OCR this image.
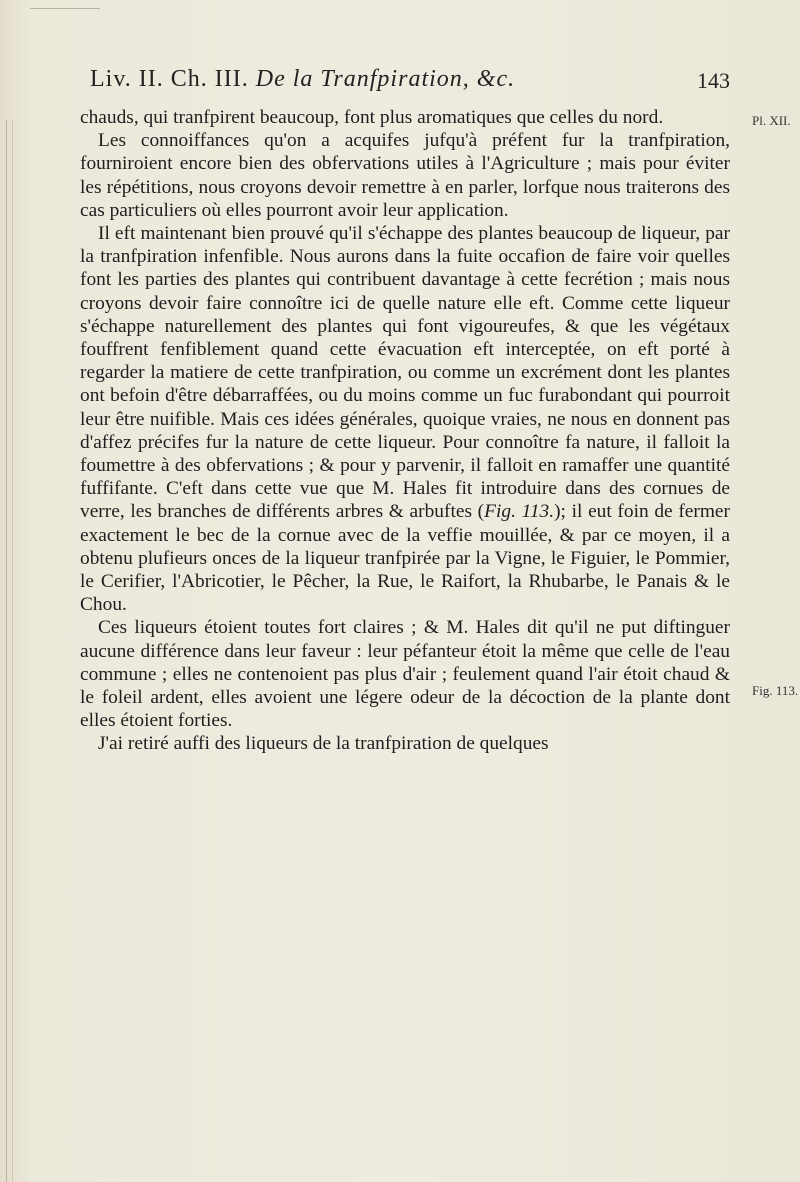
Liv. II. Ch. III. De la Tranfpiration, &c.	143
Pl. XII.
Fig. 113.

chauds, qui tranfpirent beaucoup, font plus aromatiques que celles du nord.

Les connoiffances qu'on a acquifes jufqu'à préfent fur la tranfpiration, fourniroient encore bien des obfervations utiles à l'Agriculture ; mais pour éviter les répétitions, nous croyons devoir remettre à en parler, lorfque nous traiterons des cas particuliers où elles pourront avoir leur application.

Il eft maintenant bien prouvé qu'il s'échappe des plantes beaucoup de liqueur, par la tranfpiration infenfible. Nous aurons dans la fuite occafion de faire voir quelles font les parties des plantes qui contribuent davantage à cette fecrétion ; mais nous croyons devoir faire connoître ici de quelle nature elle eft. Comme cette liqueur s'échappe naturellement des plantes qui font vigoureufes, & que les végétaux fouffrent fenfiblement quand cette évacuation eft interceptée, on eft porté à regarder la matiere de cette tranfpiration, ou comme un excrément dont les plantes ont befoin d'être débarraffées, ou du moins comme un fuc furabondant qui pourroit leur être nuifible. Mais ces idées générales, quoique vraies, ne nous en donnent pas d'affez précifes fur la nature de cette liqueur. Pour connoître fa nature, il falloit la foumettre à des obfervations ; & pour y parvenir, il falloit en ramaffer une quantité fuffifante. C'eft dans cette vue que M. Hales fit introduire dans des cornues de verre, les branches de différents arbres & arbuftes (Fig. 113.); il eut foin de fermer exactement le bec de la cornue avec de la veffie mouillée, & par ce moyen, il a obtenu plufieurs onces de la liqueur tranfpirée par la Vigne, le Figuier, le Pommier, le Cerifier, l'Abricotier, le Pêcher, la Rue, le Raifort, la Rhubarbe, le Panais & le Chou.

Ces liqueurs étoient toutes fort claires ; & M. Hales dit qu'il ne put diftinguer aucune différence dans leur faveur : leur péfanteur étoit la même que celle de l'eau commune ; elles ne contenoient pas plus d'air ; feulement quand l'air étoit chaud & le foleil ardent, elles avoient une légere odeur de la décoction de la plante dont elles étoient forties.

J'ai retiré auffi des liqueurs de la tranfpiration de quelques
